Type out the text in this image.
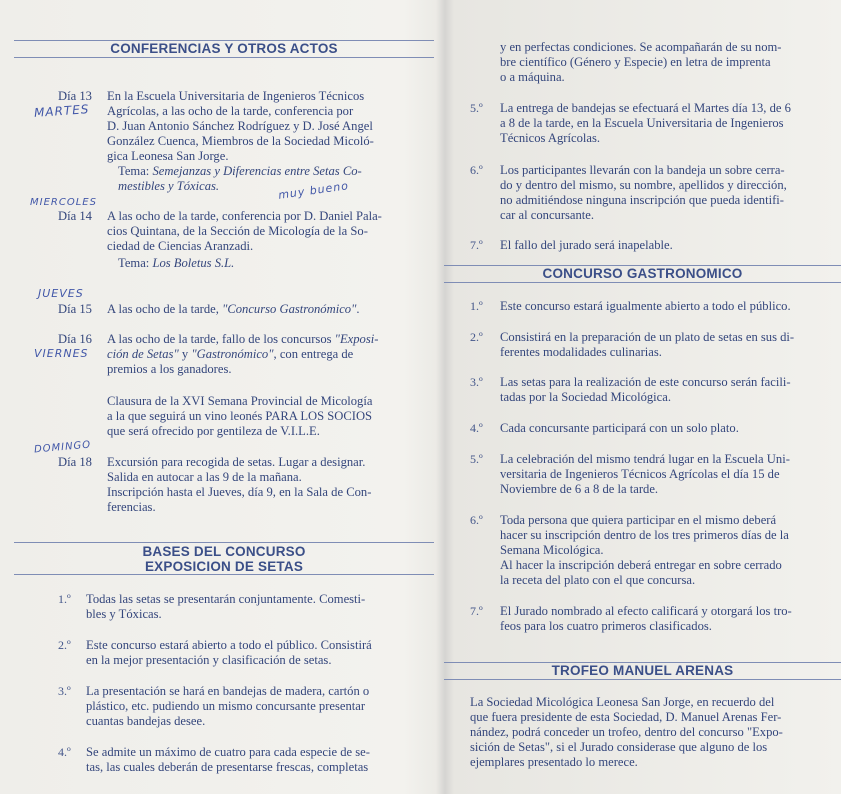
CONFERENCIAS Y OTROS ACTOS
Día 13 En la Escuela Universitaria de Ingenieros Técnicos
Agrícolas, a las ocho de la tarde, conferencia por
D. Juan Antonio Sánchez Rodríguez y D. José Angel
González Cuenca, Miembros de la Sociedad Micoló-
gica Leonesa San Jorge.
Tema: Semejanzas y Diferencias entre Setas Co-
mestibles y Tóxicas.
Día 14 A las ocho de la tarde, conferencia por D. Daniel Pala-
cios Quintana, de la Sección de Micología de la So-
ciedad de Ciencias Aranzadi.
Tema: Los Boletus S.L.
Día 15 A las ocho de la tarde, "Concurso Gastronómico".
Día 16 A las ocho de la tarde, fallo de los concursos "Exposi-
ción de Setas" y "Gastronómico", con entrega de
premios a los ganadores.
Clausura de la XVI Semana Provincial de Micología
a la que seguirá un vino leonés PARA LOS SOCIOS
que será ofrecido por gentileza de V.I.L.E.
Día 18 Excursión para recogida de setas. Lugar a designar.
Salida en autocar a las 9 de la mañana.
Inscripción hasta el Jueves, día 9, en la Sala de Con-
ferencias.
MARTES
MIERCOLES
muy bueno
JUEVES
VIERNES
DOMINGO
BASES DEL CONCURSO
EXPOSICION DE SETAS
1.º Todas las setas se presentarán conjuntamente. Comesti-
bles y Tóxicas.
2.º Este concurso estará abierto a todo el público. Consistirá
en la mejor presentación y clasificación de setas.
3.º La presentación se hará en bandejas de madera, cartón o
plástico, etc. pudiendo un mismo concursante presentar
cuantas bandejas desee.
4.º Se admite un máximo de cuatro para cada especie de se-
tas, las cuales deberán de presentarse frescas, completas
y en perfectas condiciones. Se acompañarán de su nom-
bre científico (Género y Especie) en letra de imprenta
o a máquina.
5.º La entrega de bandejas se efectuará el Martes día 13, de 6
a 8 de la tarde, en la Escuela Universitaria de Ingenieros
Técnicos Agrícolas.
6.º Los participantes llevarán con la bandeja un sobre cerra-
do y dentro del mismo, su nombre, apellidos y dirección,
no admitiéndose ninguna inscripción que pueda identifi-
car al concursante.
7.º El fallo del jurado será inapelable.
CONCURSO GASTRONOMICO
1.º Este concurso estará igualmente abierto a todo el público.
2.º Consistirá en la preparación de un plato de setas en sus di-
ferentes modalidades culinarias.
3.º Las setas para la realización de este concurso serán facili-
tadas por la Sociedad Micológica.
4.º Cada concursante participará con un solo plato.
5.º La celebración del mismo tendrá lugar en la Escuela Uni-
versitaria de Ingenieros Técnicos Agrícolas el día 15 de
Noviembre de 6 a 8 de la tarde.
6.º Toda persona que quiera participar en el mismo deberá
hacer su inscripción dentro de los tres primeros días de la
Semana Micológica.
Al hacer la inscripción deberá entregar en sobre cerrado
la receta del plato con el que concursa.
7.º El Jurado nombrado al efecto calificará y otorgará los tro-
feos para los cuatro primeros clasificados.
TROFEO MANUEL ARENAS
La Sociedad Micológica Leonesa San Jorge, en recuerdo del
que fuera presidente de esta Sociedad, D. Manuel Arenas Fer-
nández, podrá conceder un trofeo, dentro del concurso "Expo-
sición de Setas", si el Jurado considerase que alguno de los
ejemplares presentado lo merece.
